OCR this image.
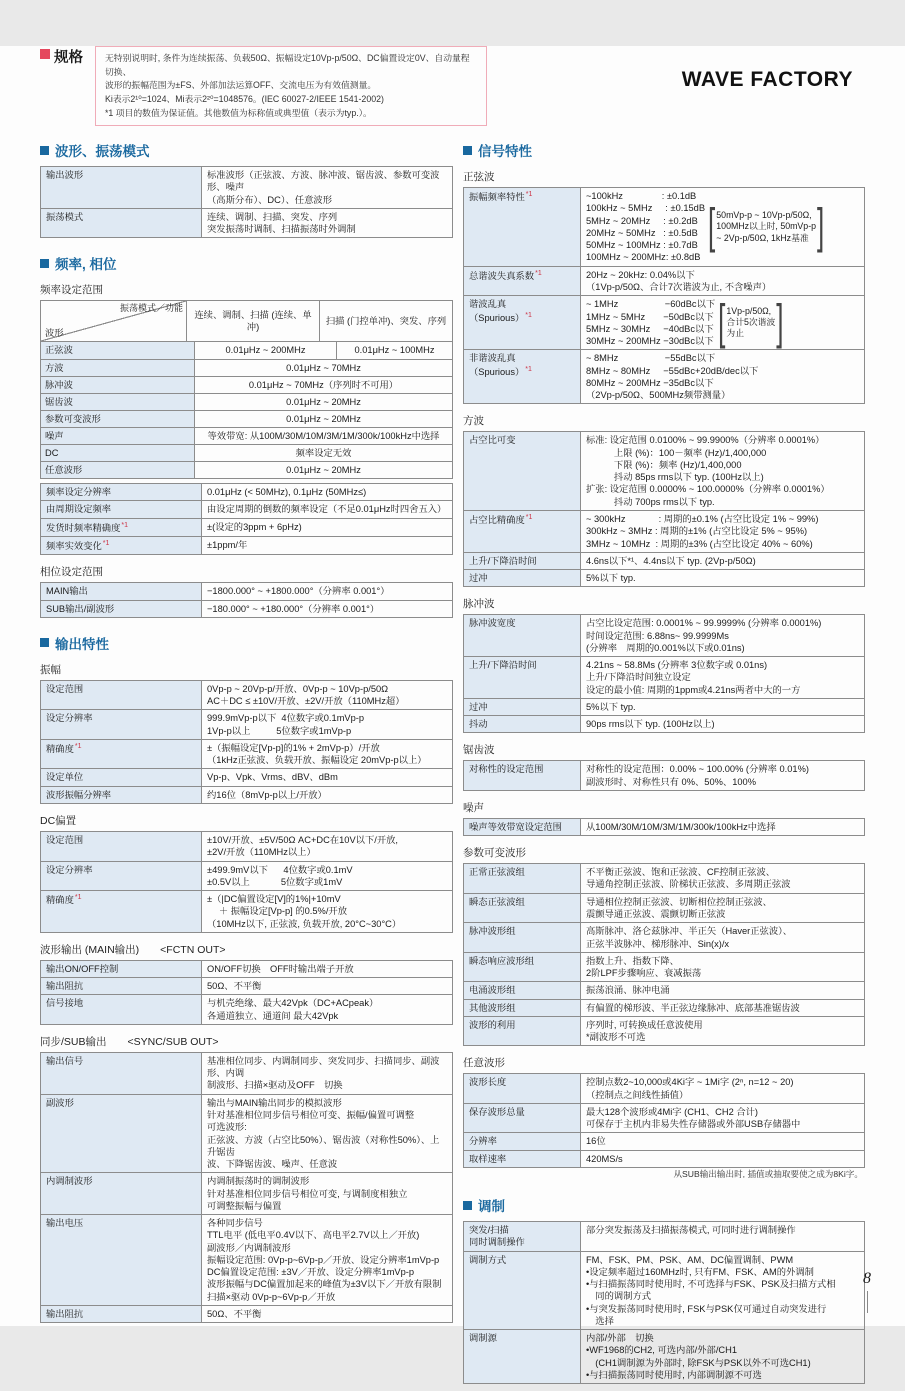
WAVE FACTORY
规格	无特别说明时, 条件为连续振荡、负载50Ω、振幅设定10Vp-p/50Ω、DC偏置设定0V、自动量程切换、
波形的振幅范围为±FS、外部加法运算OFF、交流电压为有效值测量。
Ki表示2¹⁰=1024、Mi表示2²⁰=1048576。(IEC 60027-2/IEEE 1541-2002)
*1 项目的数值为保证值。其他数值为标称值或典型值（表示为typ.）。
波形、振荡模式
输出波形	标准波形（正弦波、方波、脉冲波、锯齿波、参数可变波形、噪声
（高斯分布）、DC）、任意波形
振荡模式	连续、调制、扫描、突发、序列
突发振荡时调制、扫描振荡时外调制
频率, 相位
频率设定范围
振荡模式／功能
波形
连续、调制、扫描 (连续、单冲)
扫描 (门控单冲)、突发、序列
正弦波	0.01μHz ~ 200MHz	0.01μHz ~ 100MHz
方波	0.01μHz ~ 70MHz
脉冲波	0.01μHz ~ 70MHz（序列时不可用）
锯齿波	0.01μHz ~ 20MHz
参数可变波形	0.01μHz ~ 20MHz
噪声	等效带宽: 从100M/30M/10M/3M/1M/300k/100kHz中选择
DC	频率设定无效
任意波形	0.01μHz ~ 20MHz
频率设定分辨率	0.01μHz (< 50MHz), 0.1μHz (50MHz≤)
由周期设定频率	由设定周期的倒数的频率设定（不足0.01μHz时四舍五入）
发货时频率精确度$^{*1}$	±(设定的3ppm + 6pHz)
频率实效变化$^{*1}$	±1ppm/年
相位设定范围
MAIN输出	−1800.000° ~ +1800.000°（分辨率 0.001°）
SUB输出/副波形	−180.000° ~ +180.000°（分辨率 0.001°）
输出特性
振幅
设定范围	0Vp-p ~ 20Vp-p/开放、0Vp-p ~ 10Vp-p/50Ω
AC＋DC ≤ ±10V/开放、±2V/开放（110MHz超）
设定分辨率	999.9mVp-p以下  4位数字或0.1mVp-p
1Vp-p以上          5位数字或1mVp-p
精确度$^{*1}$	±（振幅设定[Vp-p]的1% + 2mVp-p）/开放
（1kHz正弦波、负载开放、振幅设定 20mVp-p以上）
设定单位	Vp-p、Vpk、Vrms、dBV、dBm
波形振幅分辨率	约16位（8mVp-p以上/开放）
DC偏置
设定范围	±10V/开放、±5V/50Ω AC+DC在10V以下/开放,
±2V/开放（110MHz以上）
设定分辨率	±499.9mV以下      4位数字或0.1mV
±0.5V以上            5位数字或1mV
精确度$^{*1}$	±（|DC偏置设定[V]的1%|+10mV
　 ＋ 振幅设定[Vp-p] 的0.5%/开放
（10MHz以下, 正弦波, 负载开放, 20°C~30°C）
波形输出 (MAIN输出)　　<FCTN OUT>
输出ON/OFF控制	ON/OFF切换　OFF时输出端子开放
输出阻抗	50Ω、不平衡
信号接地	与机壳绝缘、最大42Vpk（DC+ACpeak）
各通道独立、通道间 最大42Vpk
同步/SUB输出　　<SYNC/SUB OUT>
输出信号	基准相位同步、内调制同步、突发同步、扫描同步、副波形、内调
制波形、扫描×驱动及OFF　切换
副波形	输出与MAIN输出同步的模拟波形
针对基准相位同步信号相位可变、振幅/偏置可调整
可选波形:
正弦波、方波（占空比50%）、锯齿波（对称性50%）、上升锯齿
波、下降锯齿波、噪声、任意波
内调制波形	内调制振荡时的调制波形
针对基准相位同步信号相位可变, 与调制度相独立
可调整振幅与偏置
输出电压	各种同步信号
TTL电平 (低电平0.4V以下、高电平2.7V以上／开放)
副波形／内调制波形
振幅设定范围: 0Vp-p~6Vp-p／开放、设定分辨率1mVp-p
DC偏置设定范围: ±3V／开放、设定分辨率1mVp-p
波形振幅与DC偏置加起来的峰值为±3V以下／开放有限制
扫描×驱动 0Vp-p~6Vp-p／开放
输出阻抗	50Ω、不平衡
信号特性
正弦波
振幅频率特性$^{*1}$	~100kHz               : ±0.1dB
100kHz ~ 5MHz     : ±0.15dB
5MHz ~ 20MHz     : ±0.2dB
20MHz ~ 50MHz   : ±0.5dB
50MHz ~ 100MHz : ±0.7dB
100MHz ~ 200MHz: ±0.8dB
[ 50mVp-p ~ 10Vp-p/50Ω,
100MHz以上时, 50mVp-p
~ 2Vp-p/50Ω, 1kHz基准 ]
总谐波失真系数$^{*1}$	20Hz ~ 20kHz: 0.04%以下
（1Vp-p/50Ω、合计7次谐波为止, 不含噪声）
谐波乱真
（Spurious）$^{*1}$
~ 1MHz                  −60dBc以下
1MHz ~ 5MHz       −50dBc以下
5MHz ~ 30MHz     −40dBc以下
30MHz ~ 200MHz −30dBc以下 [ 1Vp-p/50Ω,
合计5次谐波
为止	]
非谐波乱真
（Spurious）$^{*1}$
~ 8MHz                  −55dBc以下
8MHz ~ 80MHz     −55dBc+20dB/dec以下
80MHz ~ 200MHz −35dBc以下
（2Vp-p/50Ω、500MHz频带测量）
方波
占空比可变	标准: 设定范围 0.0100% ~ 99.9900%（分辨率 0.0001%）
　　　上限 (%)：100－频率 (Hz)/1,400,000
　　　下限 (%)：频率 (Hz)/1,400,000
　　　抖动 85ps rms以下 typ. (100Hz以上)
扩张: 设定范围 0.0000% ~ 100.0000%（分辨率 0.0001%）
　　　抖动 700ps rms以下 typ.
占空比精确度$^{*1}$	~ 300kHz　　　  : 周期的±0.1% (占空比设定 1% ~ 99%)
300kHz ~ 3MHz : 周期的±1% (占空比设定 5% ~ 95%)
3MHz ~ 10MHz  : 周期的±3% (占空比设定 40% ~ 60%)
上升/下降沿时间	4.6ns以下*¹、4.4ns以下 typ. (2Vp-p/50Ω)
过冲	5%以下 typ.
脉冲波
脉冲波宽度	占空比设定范围: 0.0001% ~ 99.9999% (分辨率 0.0001%)
时间设定范围: 6.88ns~ 99.9999Ms
(分辨率　周期的0.001%以下或0.01ns)
上升/下降沿时间	4.21ns ~ 58.8Ms (分辨率 3位数字或 0.01ns)
上升/下降沿时间独立设定
设定的最小值: 周期的1ppm或4.21ns两者中大的一方
过冲	5%以下 typ.
抖动	90ps rms以下 typ. (100Hz以上)
锯齿波
对称性的设定范围	对称性的设定范围：0.00% ~ 100.00% (分辨率 0.01%)
副波形时、对称性只有 0%、50%、100%
噪声
噪声等效带宽设定范围	从100M/30M/10M/3M/1M/300k/100kHz中选择
参数可变波形
正常正弦波组	不平衡正弦波、饱和正弦波、CF控制正弦波、
导通角控制正弦波、阶梯状正弦波、多周期正弦波
瞬态正弦波组	导通相位控制正弦波、切断相位控制正弦波、
震颤导通正弦波、震颤切断正弦波
脉冲波形组	高斯脉冲、洛仑兹脉冲、半正矢（Haver正弦波）、
正弦半波脉冲、梯形脉冲、Sin(x)/x
瞬态响应波形组	指数上升、指数下降、
2阶LPF步骤响应、衰减振荡
电涌波形组	振荡浪涌、脉冲电涌
其他波形组	有偏置的梯形波、半正弦边缘脉冲、底部基准锯齿波
波形的利用	序列时, 可转换成任意波使用
*副波形不可选
任意波形
波形长度	控制点数2~10,000或4Ki字 ~ 1Mi字 (2ⁿ, n=12 ~ 20)
（控制点之间线性插值）
保存波形总量	最大128个波形或4Mi字 (CH1、CH2 合计)
可保存于主机内非易失性存储器或外部USB存储器中
分辨率	16位
取样速率	420MS/s
从SUB输出输出时, 插值或抽取要使之成为8Ki字。
调制
突发/扫描
同时调制操作
部分突发振荡及扫描振荡模式, 可同时进行调制操作
调制方式	FM、FSK、PM、PSK、AM、DC偏置调制、PWM
•设定频率超过160MHz时, 只有FM、FSK、AM的外调制
•与扫描振荡同时使用时, 不可选择与FSK、PSK及扫描方式相
　同的调制方式
•与突发振荡同时使用时, FSK与PSK仅可通过自动突发进行
　选择
调制源	内部/外部　切换
•WF1968的CH2, 可选内部/外部/CH1
　(CH1调制源为外部时, 除FSK与PSK以外不可选CH1)
•与扫描振荡同时使用时, 内部调制源不可选
8
